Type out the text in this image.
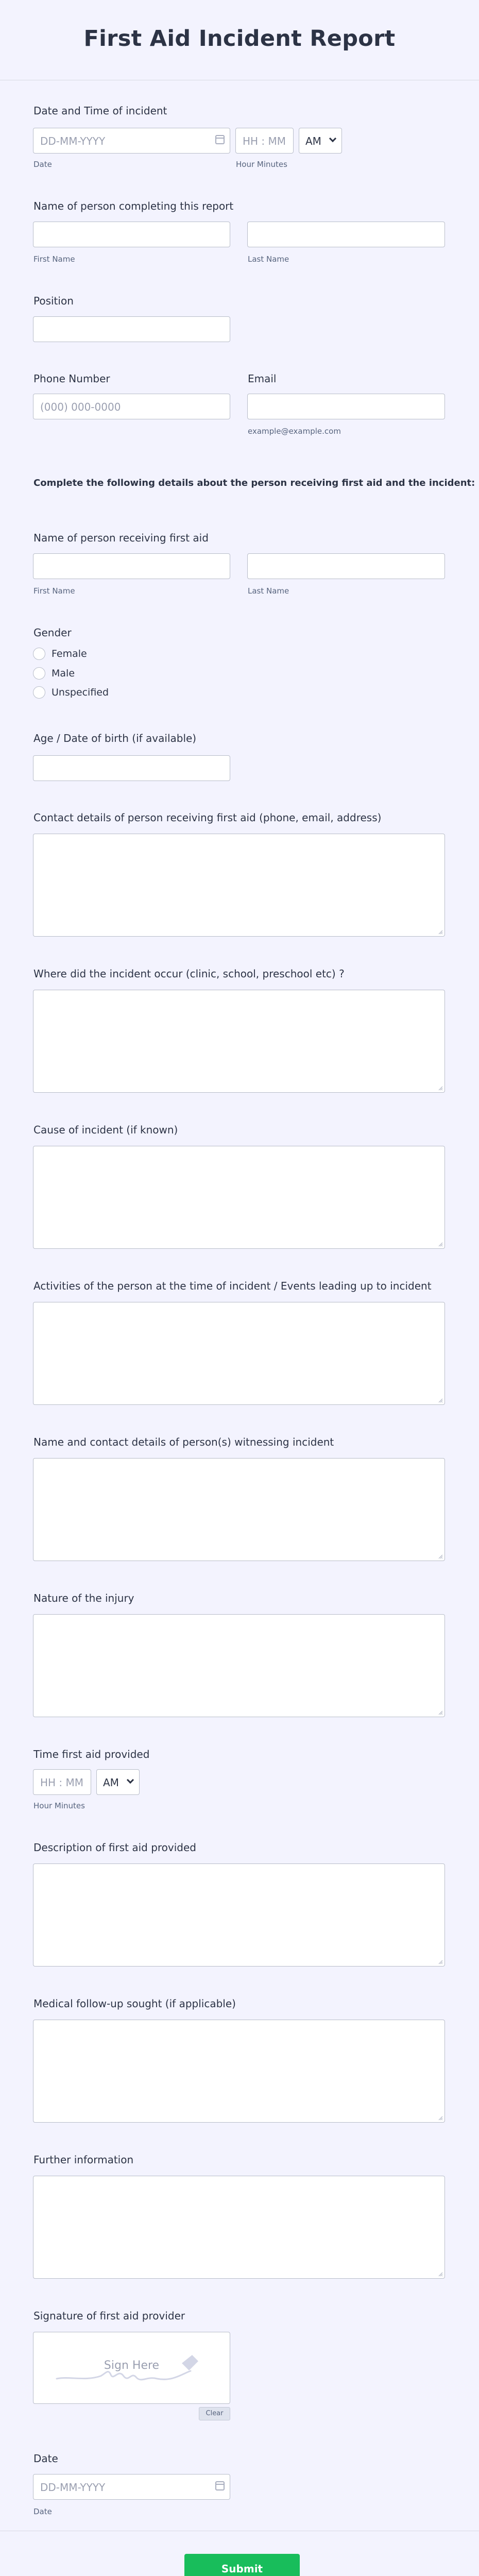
First Aid Incident Report
Date and Time of incident
DD-MM-YYYY	HH : MM AM
Date	Hour Minutes
Name of person completing this report
First Name	Last Name
Position
Phone Number
(000) 000-0000
Email
example@example.com
Complete the following details about the person receiving first aid and the incident:
Name of person receiving first aid
First Name	Last Name
Gender
Female
Male
Unspecified
Age / Date of birth (if available)
Contact details of person receiving first aid (phone, email, address)
Where did the incident occur (clinic, school, preschool etc) ?
Cause of incident (if known)
Activities of the person at the time of incident / Events leading up to incident
Name and contact details of person(s) witnessing incident
Nature of the injury
Time first aid provided
HH : MM AM
Hour Minutes
Description of first aid provided
Medical follow-up sought (if applicable)
Further information
Signature of first aid provider
Sign Here
Clear
Date
DD-MM-YYYY
Date
Submit
